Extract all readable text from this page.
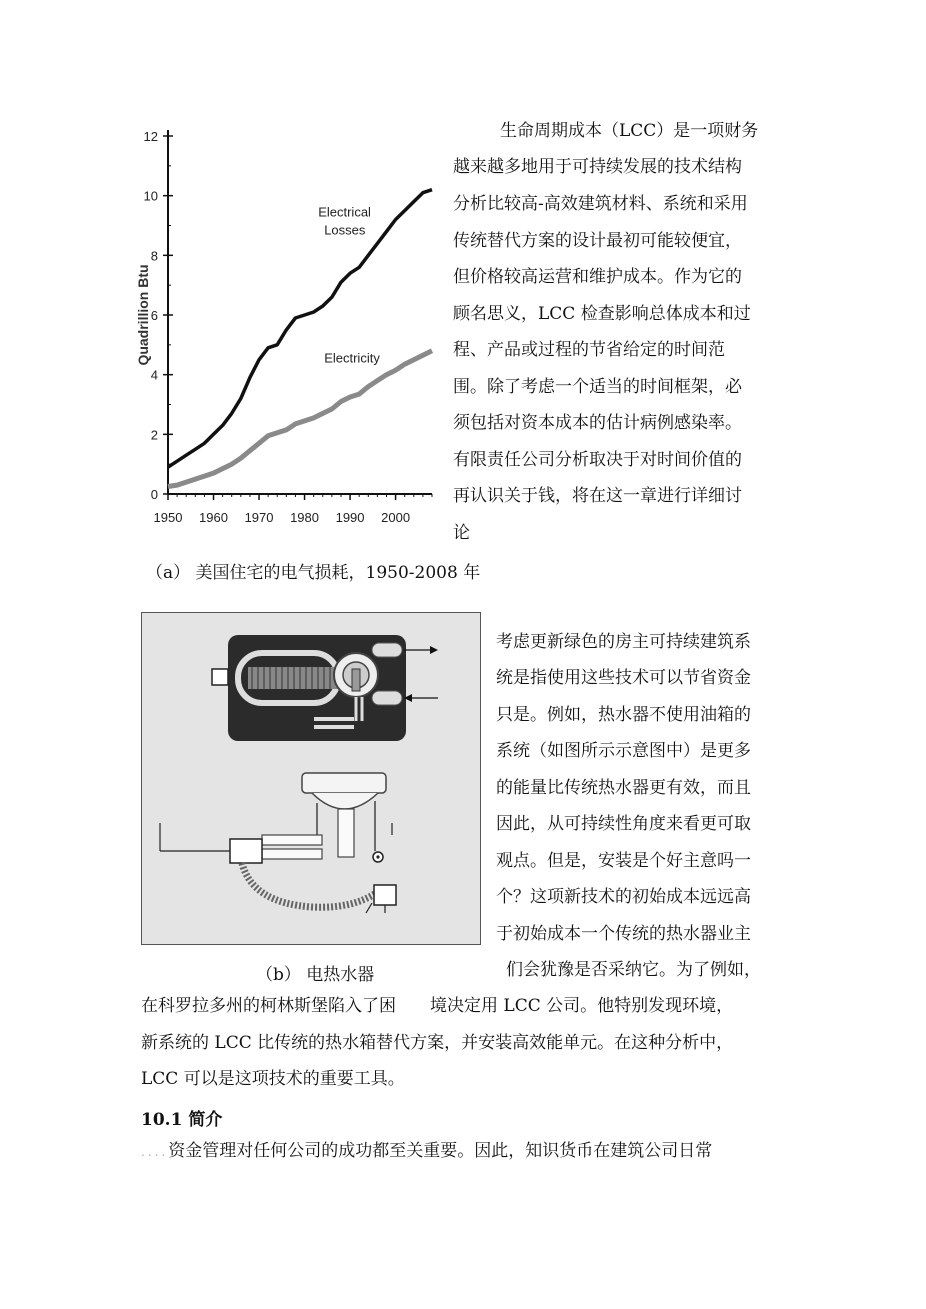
0
2
4
6
8
10
12
1950 1960 1970 1980 1990 2000
Quadrillion Btu
Electrical
Losses
Electricity
生命周期成本（LCC）是一项财务
越来越多地用于可持续发展的技术结构
分析比较高-高效建筑材料、系统和采用
传统替代方案的设计最初可能较便宜，
但价格较高运营和维护成本。作为它的
顾名思义，LCC 检查影响总体成本和过
程、产品或过程的节省给定的时间范
围。除了考虑一个适当的时间框架，必
须包括对资本成本的估计病例感染率。
有限责任公司分析取决于对时间价值的
再认识关于钱，将在这一章进行详细讨
论
（a） 美国住宅的电气损耗，1950-2008 年
考虑更新绿色的房主可持续建筑系
统是指使用这些技术可以节省资金
只是。例如，热水器不使用油箱的
系统（如图所示示意图中）是更多
的能量比传统热水器更有效，而且
因此，从可持续性角度来看更可取
观点。但是，安装是个好主意吗一
个？这项新技术的初始成本远远高
于初始成本一个传统的热水器业主
们会犹豫是否采纳它。为了例如，
（b） 电热水器
在科罗拉多州的柯林斯堡陷入了困　　境决定用 LCC 公司。他特别发现环境，
新系统的 LCC 比传统的热水箱替代方案，并安装高效能单元。在这种分析中，
LCC 可以是这项技术的重要工具。
10.1 简介
....资金管理对任何公司的成功都至关重要。因此，知识货币在建筑公司日常
